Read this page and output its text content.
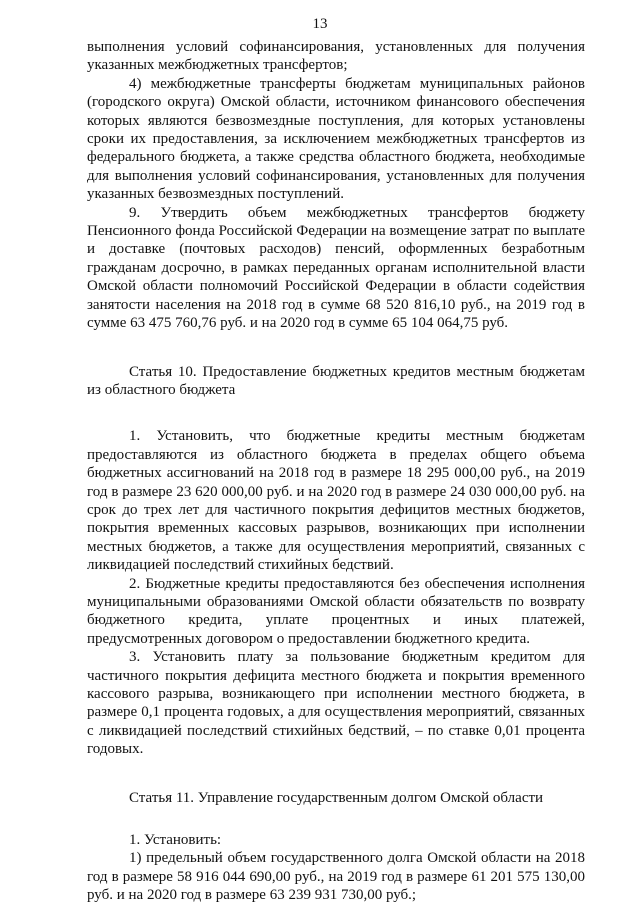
13

выполнения условий софинансирования, установленных для получения указанных межбюджетных трансфертов;

4) межбюджетные трансферты бюджетам муниципальных районов (городского округа) Омской области, источником финансового обеспечения которых являются безвозмездные поступления, для которых установлены сроки их предоставления, за исключением межбюджетных трансфертов из федерального бюджета, а также средства областного бюджета, необходимые для выполнения условий софинансирования, установленных для получения указанных безвозмездных поступлений.

9. Утвердить объем межбюджетных трансфертов бюджету Пенсионного фонда Российской Федерации на возмещение затрат по выплате и доставке (почтовых расходов) пенсий, оформленных безработным гражданам досрочно, в рамках переданных органам исполнительной власти Омской области полномочий Российской Федерации в области содействия занятости населения на 2018 год в сумме 68 520 816,10 руб., на 2019 год в сумме 63 475 760,76 руб. и на 2020 год в сумме 65 104 064,75 руб.

Статья 10. Предоставление бюджетных кредитов местным бюджетам из областного бюджета

1. Установить, что бюджетные кредиты местным бюджетам предоставляются из областного бюджета в пределах общего объема бюджетных ассигнований на 2018 год в размере 18 295 000,00 руб., на 2019 год в размере 23 620 000,00 руб. и на 2020 год в размере 24 030 000,00 руб. на срок до трех лет для частичного покрытия дефицитов местных бюджетов, покрытия временных кассовых разрывов, возникающих при исполнении местных бюджетов, а также для осуществления мероприятий, связанных с ликвидацией последствий стихийных бедствий.

2. Бюджетные кредиты предоставляются без обеспечения исполнения муниципальными образованиями Омской области обязательств по возврату бюджетного кредита, уплате процентных и иных платежей, предусмотренных договором о предоставлении бюджетного кредита.

3. Установить плату за пользование бюджетным кредитом для частичного покрытия дефицита местного бюджета и покрытия временного кассового разрыва, возникающего при исполнении местного бюджета, в размере 0,1 процента годовых, а для осуществления мероприятий, связанных с ликвидацией последствий стихийных бедствий, – по ставке 0,01 процента годовых.

Статья 11. Управление государственным долгом Омской области

1. Установить:

1) предельный объем государственного долга Омской области на 2018 год в размере 58 916 044 690,00 руб., на 2019 год в размере 61 201 575 130,00 руб. и на 2020 год в размере 63 239 931 730,00 руб.;
